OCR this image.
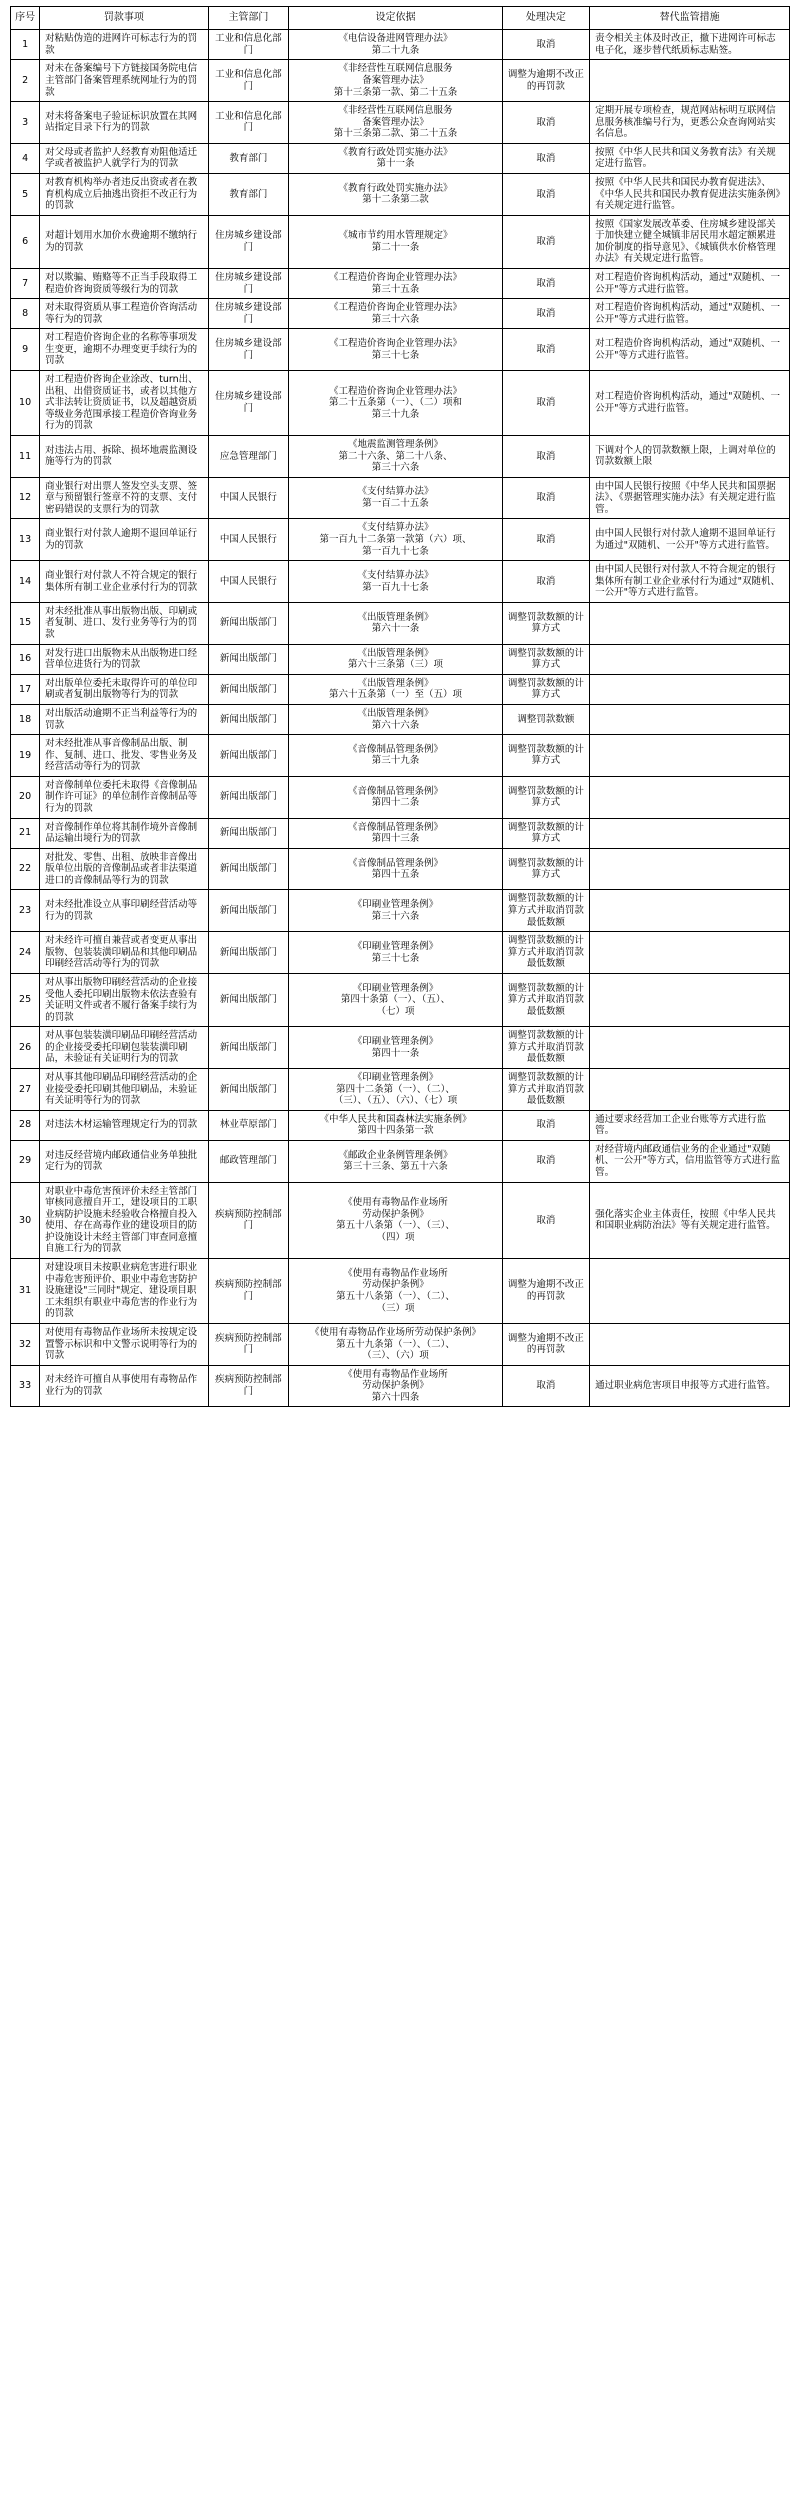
序号	罚款事项	主管部门	设定依据	处理决定	替代监管措施
1	对粘贴伪造的进网许可标志行为的罚款	工业和信息化部门	《电信设备进网管理办法》
第二十九条	取消	责令相关主体及时改正，撤下进网许可标志电子化，逐步替代纸质标志贴签。
2	对未在备案编号下方链接国务院电信主管部门备案管理系统网址行为的罚款	工业和信息化部门	《非经营性互联网信息服务
备案管理办法》
第十三条第一款、第二十五条	调整为逾期不改正的再罚款	
3	对未将备案电子验证标识放置在其网站指定目录下行为的罚款	工业和信息化部门	《非经营性互联网信息服务
备案管理办法》
第十三条第二款、第二十五条	取消	定期开展专项检查，规范网站标明互联网信息服务核准编号行为，更悉公众查询网站实名信息。
4	对父母或者监护人经教育劝阻他适迁学或者被监护人就学行为的罚款	教育部门	《教育行政处罚实施办法》
第十一条	取消	按照《中华人民共和国义务教育法》有关规定进行监管。
5	对教育机构举办者违反出资或者在教育机构成立后抽逃出资拒不改正行为的罚款	教育部门	《教育行政处罚实施办法》
第十二条第二款	取消	按照《中华人民共和国民办教育促进法》、《中华人民共和国民办教育促进法实施条例》有关规定进行监管。
6	对超计划用水加价水费逾期不缴纳行为的罚款	住房城乡建设部门	《城市节约用水管理规定》
第二十一条	取消	按照《国家发展改革委、住房城乡建设部关于加快建立健全城镇非居民用水超定额累进加价制度的指导意见》、《城镇供水价格管理办法》有关规定进行监管。
7	对以欺骗、贿赂等不正当手段取得工程造价咨询资质等级行为的罚款	住房城乡建设部门	《工程造价咨询企业管理办法》
第三十五条	取消	对工程造价咨询机构活动，通过"双随机、一公开"等方式进行监管。
8	对未取得资质从事工程造价咨询活动等行为的罚款	住房城乡建设部门	《工程造价咨询企业管理办法》
第三十六条	取消	对工程造价咨询机构活动，通过"双随机、一公开"等方式进行监管。
9	对工程造价咨询企业的名称等事项发生变更，逾期不办理变更手续行为的罚款	住房城乡建设部门	《工程造价咨询企业管理办法》
第三十七条	取消	对工程造价咨询机构活动，通过"双随机、一公开"等方式进行监管。
10	对工程造价咨询企业涂改、turn出、出租、出借资质证书，或者以其他方式非法转让资质证书，以及超越资质等级业务范围承接工程造价咨询业务行为的罚款	住房城乡建设部门	《工程造价咨询企业管理办法》
第二十五条第（一）、（二）项和
第三十九条	取消	对工程造价咨询机构活动，通过"双随机、一公开"等方式进行监管。
11	对违法占用、拆除、损坏地震监测设施等行为的罚款	应急管理部门	《地震监测管理条例》
第二十六条、第二十八条、
第三十六条	取消	下调对个人的罚款数额上限，上调对单位的罚款数额上限
12	商业银行对出票人签发空头支票、签章与预留银行签章不符的支票、支付密码错误的支票行为的罚款	中国人民银行	《支付结算办法》
第一百二十五条	取消	由中国人民银行按照《中华人民共和国票据法》、《票据管理实施办法》有关规定进行监管。
13	商业银行对付款人逾期不退回单证行为的罚款	中国人民银行	《支付结算办法》
第一百九十二条第一款第（六）项、
第一百九十七条	取消	由中国人民银行对付款人逾期不退回单证行为通过"双随机、一公开"等方式进行监管。
14	商业银行对付款人不符合规定的银行集体所有制工业企业承付行为的罚款	中国人民银行	《支付结算办法》
第一百九十七条	取消	由中国人民银行对付款人不符合规定的银行集体所有制工业企业承付行为通过"双随机、一公开"等方式进行监管。
15	对未经批准从事出版物出版、印刷或者复制、进口、发行业务等行为的罚款	新闻出版部门	《出版管理条例》
第六十一条	调整罚款数额的计算方式	
16	对发行进口出版物未从出版物进口经营单位进货行为的罚款	新闻出版部门	《出版管理条例》
第六十三条第（三）项	调整罚款数额的计算方式	
17	对出版单位委托未取得许可的单位印刷或者复制出版物等行为的罚款	新闻出版部门	《出版管理条例》
第六十五条第（一）至（五）项	调整罚款数额的计算方式	
18	对出版活动逾期不正当利益等行为的罚款	新闻出版部门	《出版管理条例》
第六十六条	调整罚款数额	
19	对未经批准从事音像制品出版、制作、复制、进口、批发、零售业务及经营活动等行为的罚款	新闻出版部门	《音像制品管理条例》
第三十九条	调整罚款数额的计算方式	
20	对音像制单位委托未取得《音像制品制作许可证》的单位制作音像制品等行为的罚款	新闻出版部门	《音像制品管理条例》
第四十二条	调整罚款数额的计算方式	
21	对音像制作单位将其制作境外音像制品运输出境行为的罚款	新闻出版部门	《音像制品管理条例》
第四十三条	调整罚款数额的计算方式	
22	对批发、零售、出租、放映非音像出版单位出版的音像制品或者非法渠道进口的音像制品等行为的罚款	新闻出版部门	《音像制品管理条例》
第四十五条	调整罚款数额的计算方式	
23	对未经批准设立从事印刷经营活动等行为的罚款	新闻出版部门	《印刷业管理条例》
第三十六条	调整罚款数额的计算方式并取消罚款最低数额	
24	对未经许可擅自兼营或者变更从事出版物、包装装潢印刷品和其他印刷品印刷经营活动等行为的罚款	新闻出版部门	《印刷业管理条例》
第三十七条	调整罚款数额的计算方式并取消罚款最低数额	
25	对从事出版物印刷经营活动的企业接受他人委托印刷出版物未依法查验有关证明文件或者不履行备案手续行为的罚款	新闻出版部门	《印刷业管理条例》
第四十条第（一）、（五）、
（七）项	调整罚款数额的计算方式并取消罚款最低数额	
26	对从事包装装潢印刷品印刷经营活动的企业接受委托印刷包装装潢印刷品，未验证有关证明行为的罚款	新闻出版部门	《印刷业管理条例》
第四十一条	调整罚款数额的计算方式并取消罚款最低数额	
27	对从事其他印刷品印刷经营活动的企业接受委托印刷其他印刷品，未验证有关证明等行为的罚款	新闻出版部门	《印刷业管理条例》
第四十二条第（一）、（二）、
（三）、（五）、（六）、（七）项	调整罚款数额的计算方式并取消罚款最低数额	
28	对违法木材运输管理规定行为的罚款	林业草原部门	《中华人民共和国森林法实施条例》
第四十四条第一款	取消	通过要求经营加工企业台账等方式进行监管。
29	对违反经营境内邮政通信业务单独批定行为的罚款	邮政管理部门	《邮政企业条例管理条例》
第三十三条、第五十六条	取消	对经营境内邮政通信业务的企业通过"双随机、一公开"等方式，信用监管等方式进行监管。
30	对职业中毒危害预评价未经主管部门审核同意擅自开工，建设项目的工职业病防护设施未经验收合格擅自投入使用、存在高毒作业的建设项目的防护设施设计未经主管部门审查同意擅自施工行为的罚款	疾病预防控制部门	《使用有毒物品作业场所
劳动保护条例》
第五十八条第（一）、（三）、
（四）项	取消	强化落实企业主体责任，按照《中华人民共和国职业病防治法》等有关规定进行监管。
31	对建设项目未按职业病危害进行职业中毒危害预评价、职业中毒危害防护设施建设"三同时"规定、建设项目职工未组织有职业中毒危害的作业行为的罚款	疾病预防控制部门	《使用有毒物品作业场所
劳动保护条例》
第五十八条第（一）、（二）、
（三）项	调整为逾期不改正的再罚款	
32	对使用有毒物品作业场所未按规定设置警示标识和中文警示说明等行为的罚款	疾病预防控制部门	《使用有毒物品作业场所劳动保护条例》
第五十九条第（一）、（二）、
（三）、（六）项	调整为逾期不改正的再罚款	
33	对未经许可擅自从事使用有毒物品作业行为的罚款	疾病预防控制部门	《使用有毒物品作业场所
劳动保护条例》
第六十四条	取消	通过职业病危害项目申报等方式进行监管。
